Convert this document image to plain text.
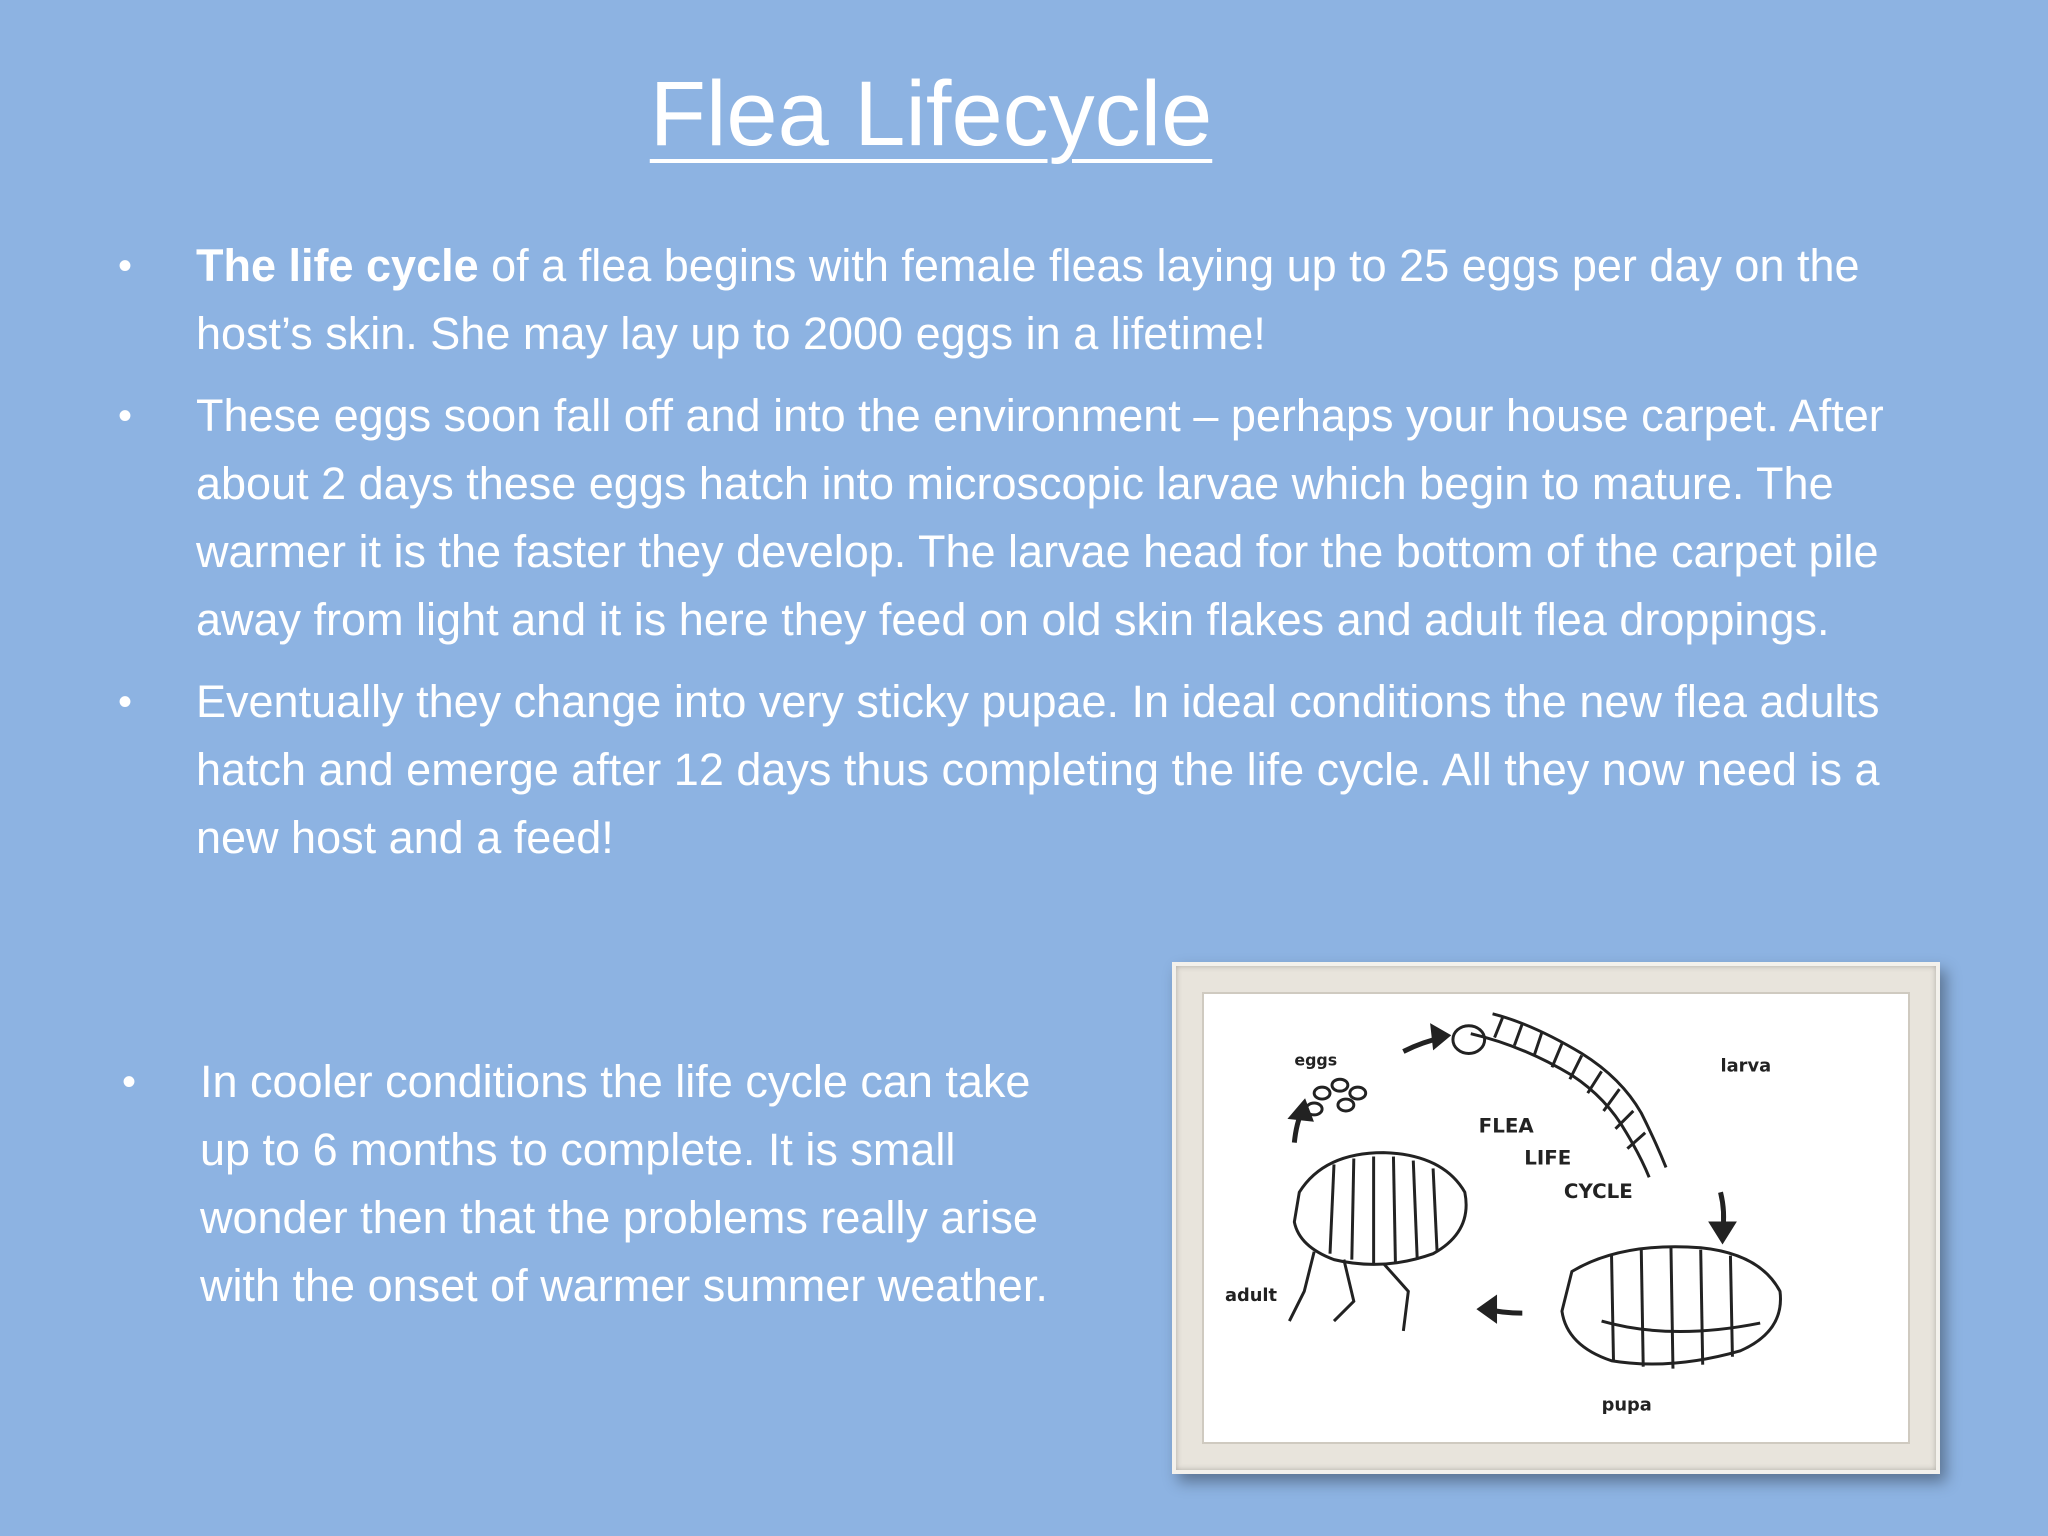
Flea Lifecycle
• The life cycle of a flea begins with female fleas laying up to 25 eggs per day on the host’s skin. She may lay up to 2000 eggs in a lifetime!
• These eggs soon fall off and into the environment – perhaps your house carpet. After about 2 days these eggs hatch into microscopic larvae which begin to mature. The warmer it is the faster they develop. The larvae head for the bottom of the carpet pile away from light and it is here they feed on old skin flakes and adult flea droppings.
• Eventually they change into very sticky pupae. In ideal conditions the new flea adults hatch and emerge after 12 days thus completing the life cycle. All they now need is a new host and a feed!
• In cooler conditions the life cycle can take up to 6 months to complete. It is small wonder then that the problems really arise with the onset of warmer summer weather.
eggs	larva
FLEA
LIFE
CYCLE
adult
pupa
